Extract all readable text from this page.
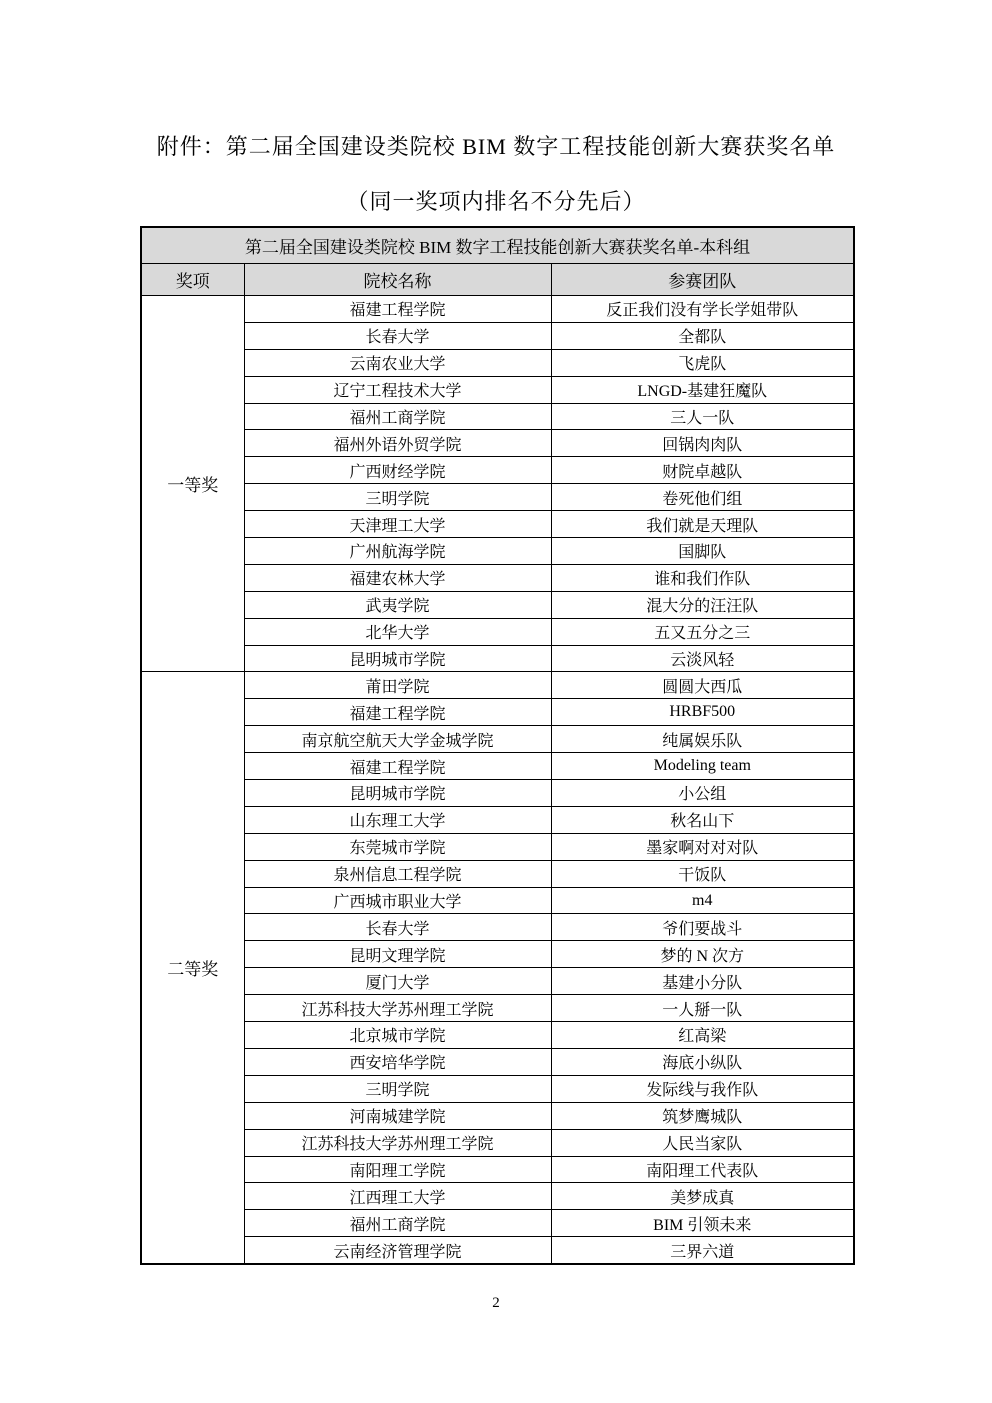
附件：第二届全国建设类院校 BIM 数字工程技能创新大赛获奖名单
（同一奖项内排名不分先后）
第二届全国建设类院校 BIM 数字工程技能创新大赛获奖名单-本科组		
奖项	院校名称	参赛团队
一等奖	福建工程学院	反正我们没有学长学姐带队
	长春大学	全都队
	云南农业大学	飞虎队
	辽宁工程技术大学	LNGD-基建狂魔队
	福州工商学院	三人一队
	福州外语外贸学院	回锅肉肉队
	广西财经学院	财院卓越队
	三明学院	卷死他们组
	天津理工大学	我们就是天理队
	广州航海学院	国脚队
	福建农林大学	谁和我们作队
	武夷学院	混大分的汪汪队
	北华大学	五又五分之三
	昆明城市学院	云淡风轻
二等奖	莆田学院	圆圆大西瓜
	福建工程学院	HRBF500
	南京航空航天大学金城学院	纯属娱乐队
	福建工程学院	Modeling team
	昆明城市学院	小公组
	山东理工大学	秋名山下
	东莞城市学院	墨家啊对对对队
	泉州信息工程学院	干饭队
	广西城市职业大学	m4
	长春大学	爷们要战斗
	昆明文理学院	梦的 N 次方
	厦门大学	基建小分队
	江苏科技大学苏州理工学院	一人掰一队
	北京城市学院	红高梁
	西安培华学院	海底小纵队
	三明学院	发际线与我作队
	河南城建学院	筑梦鹰城队
	江苏科技大学苏州理工学院	人民当家队
	南阳理工学院	南阳理工代表队
	江西理工大学	美梦成真
	福州工商学院	BIM 引领未来
	云南经济管理学院	三界六道
2
